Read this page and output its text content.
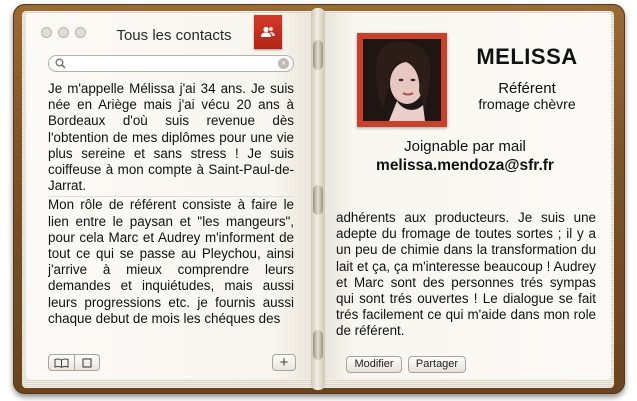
Tous les contacts
×

Je m'appelle Mélissa j'ai 34 ans. Je suis née en Ariège mais j'ai vécu 20 ans à Bordeaux d'où suis revenue dès l'obtention de mes diplômes pour une vie plus sereine et sans stress ! Je suis coiffeuse à mon compte à Saint-Paul-de-Jarrat.

Mon rôle de référent consiste à faire le lien entre le paysan et "les mangeurs", pour cela Marc et Audrey m'informent de tout ce qui se passe au Pleychou, ainsi j'arrive à mieux comprendre leurs demandes et inquiétudes, mais aussi leurs progressions etc. je fournis aussi chaque debut de mois les chéques des

+
MELISSA
Référent
fromage chèvre
Joignable par mail
melissa.mendoza@sfr.fr
adhérents aux producteurs. Je suis une adepte du fromage de toutes sortes ; il y a un peu de chimie dans la transformation du lait et ça, ça m'interesse beaucoup ! Audrey et Marc sont des personnes trés sympas qui sont trés ouvertes ! Le dialogue se fait trés facilement ce qui m'aide dans mon role de référent.
Modifier	Partager
